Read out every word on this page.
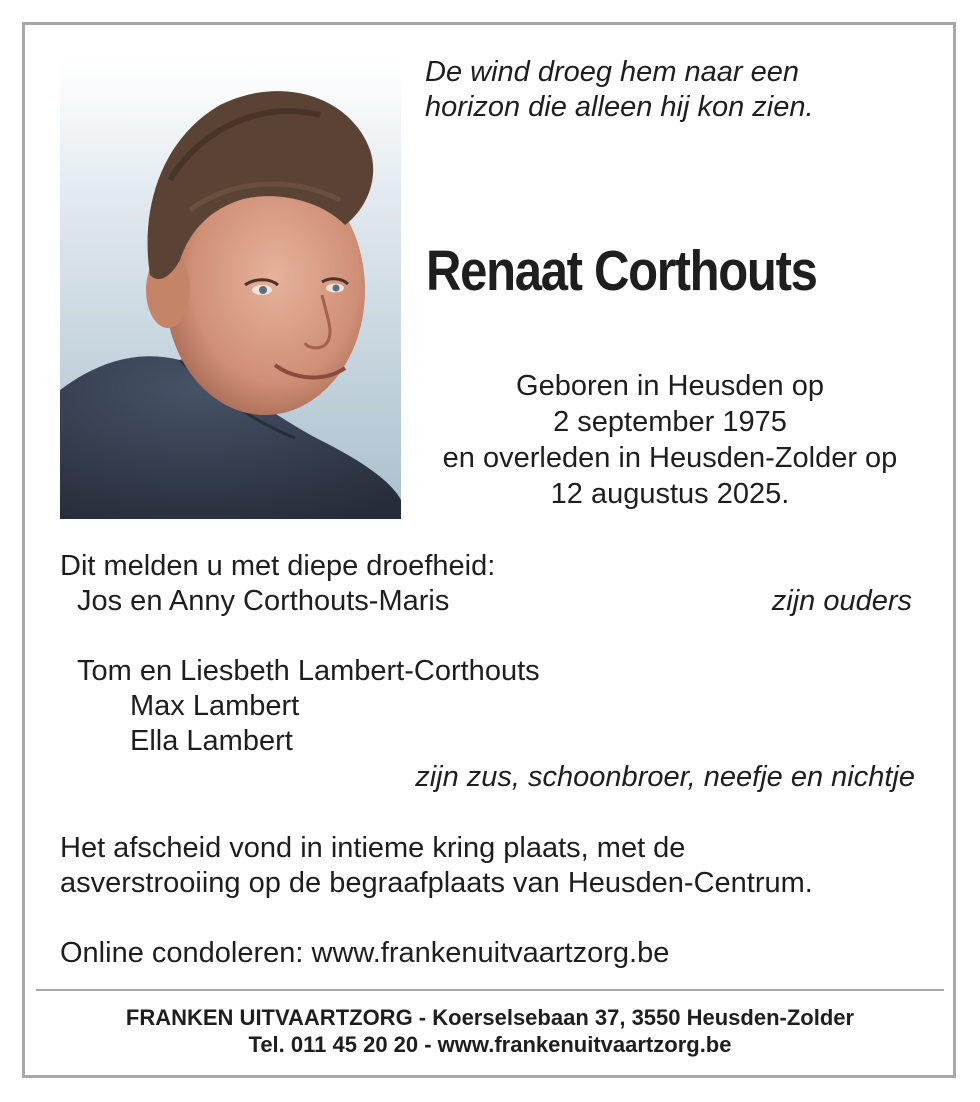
De wind droeg hem naar een
horizon die alleen hij kon zien.
Renaat Corthouts
Geboren in Heusden op
2 september 1975
en overleden in Heusden-Zolder op
12 augustus 2025.
Dit melden u met diepe droefheid:
Jos en Anny Corthouts-Maris	zijn ouders
Tom en Liesbeth Lambert-Corthouts
Max Lambert
Ella Lambert
zijn zus, schoonbroer, neefje en nichtje
Het afscheid vond in intieme kring plaats, met de
asverstrooiing op de begraafplaats van Heusden-Centrum.
Online condoleren: www.frankenuitvaartzorg.be
FRANKEN UITVAARTZORG - Koerselsebaan 37, 3550 Heusden-Zolder
Tel. 011 45 20 20 - www.frankenuitvaartzorg.be
